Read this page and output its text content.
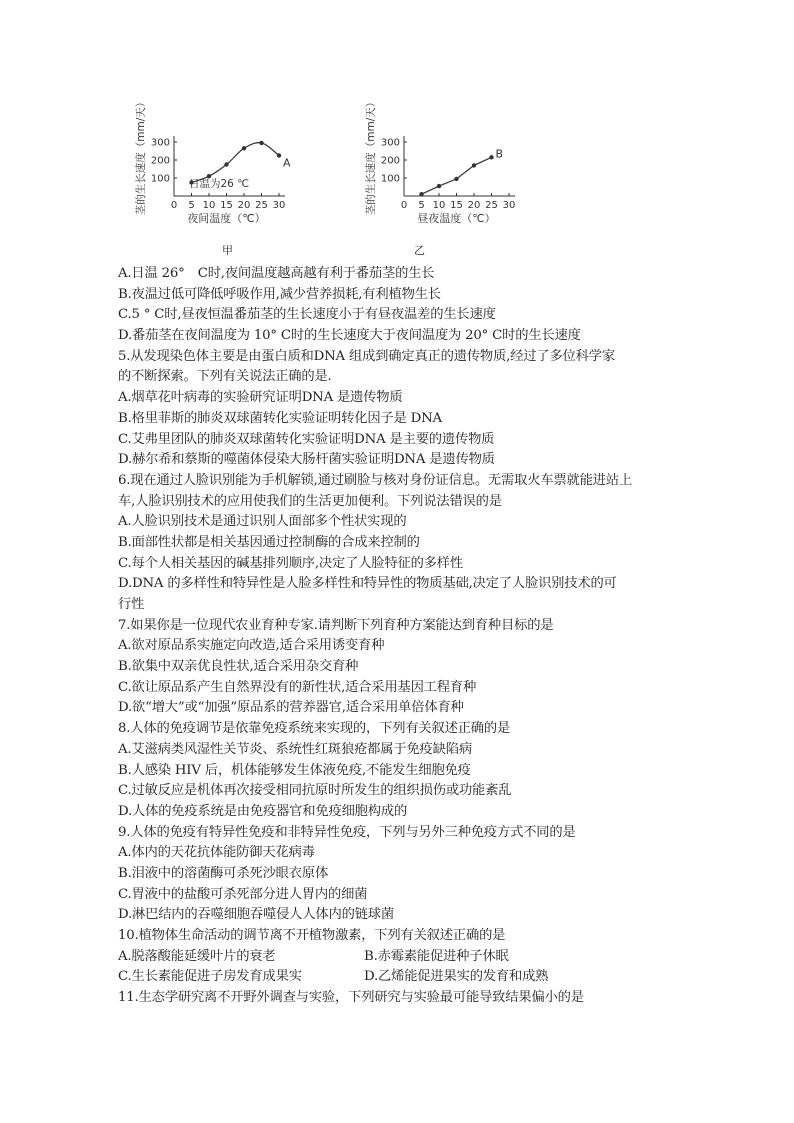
0 5 10 15 20 25 30
100
200
300
夜间温度（℃）
茎的生长速度（mm/天）	A
日温为26 ℃
甲
0 5 10 15 20 25 30
100
200
300
昼夜温度（℃）
茎的生长速度（mm/天）	B
乙
A.日温 26°　C时,夜间温度越高越有利于番茄茎的生长
B.夜温过低可降低呼吸作用,减少营养损耗,有利植物生长
C.5 ° C时,昼夜恒温番茄茎的生长速度小于有昼夜温差的生长速度
D.番茄茎在夜间温度为 10° C时的生长速度大于夜间温度为 20° C时的生长速度
5.从发现染色体主要是由蛋白质和DNA 组成到确定真正的遗传物质,经过了多位科学家
的不断探索。下列有关说法正确的是.
A.烟草花叶病毒的实验研究证明DNA 是遗传物质
B.格里菲斯的肺炎双球菌转化实验证明转化因子是 DNA
C.艾弗里团队的肺炎双球菌转化实验证明DNA 是主要的遗传物质
D.赫尔希和蔡斯的噬菌体侵染大肠杆菌实验证明DNA 是遗传物质
6.现在通过人脸识别能为手机解锁,通过刷脸与核对身份证信息。无需取火车票就能进站上
车,人脸识别技术的应用使我们的生活更加便利。下列说法错误的是
A.人脸识别技术是通过识别人面部多个性状实现的
B.面部性状都是相关基因通过控制酶的合成来控制的
C.每个人相关基因的碱基排列顺序,决定了人脸特征的多样性
D.DNA 的多样性和特异性是人脸多样性和特异性的物质基础,决定了人脸识别技术的可
行性
7.如果你是一位现代农业育种专家.请判断下列育种方案能达到育种目标的是
A.欲对原品系实施定向改造,适合采用诱变育种
B.欲集中双亲优良性状,适合采用杂交育种
C.欲让原品系产生自然界没有的新性状,适合采用基因工程育种
D.欲“增大”或“加强”原品系的营养器官,适合采用单倍体育种
8.人体的免疫调节是依靠免疫系统来实现的，下列有关叙述正确的是
A.艾滋病类风湿性关节炎、系统性红斑狼疮都属于免疫缺陷病
B.人感染 HIV 后，机体能够发生体液免疫,不能发生细胞免疫
C.过敏反应是机体再次接受相同抗原时所发生的组织损伤或功能紊乱
D.人体的免疫系统是由免疫器官和免疫细胞构成的
9.人体的免疫有特异性免疫和非特异性免疫，下列与另外三种免疫方式不同的是
A.体内的天花抗体能防御天花病毒
B.泪液中的溶菌酶可杀死沙眼衣原体
C.胃液中的盐酸可杀死部分进人胃内的细菌
D.淋巴结内的吞噬细胞吞噬侵人人体内的链球菌
10.植物体生命活动的调节离不开植物激素，下列有关叙述正确的是
A.脱落酸能延缓叶片的衰老	B.赤霉素能促进种子休眠
C.生长素能促进子房发育成果实	D.乙烯能促进果实的发育和成熟
11.生态学研究离不开野外调查与实验，下列研究与实验最可能导致结果偏小的是
